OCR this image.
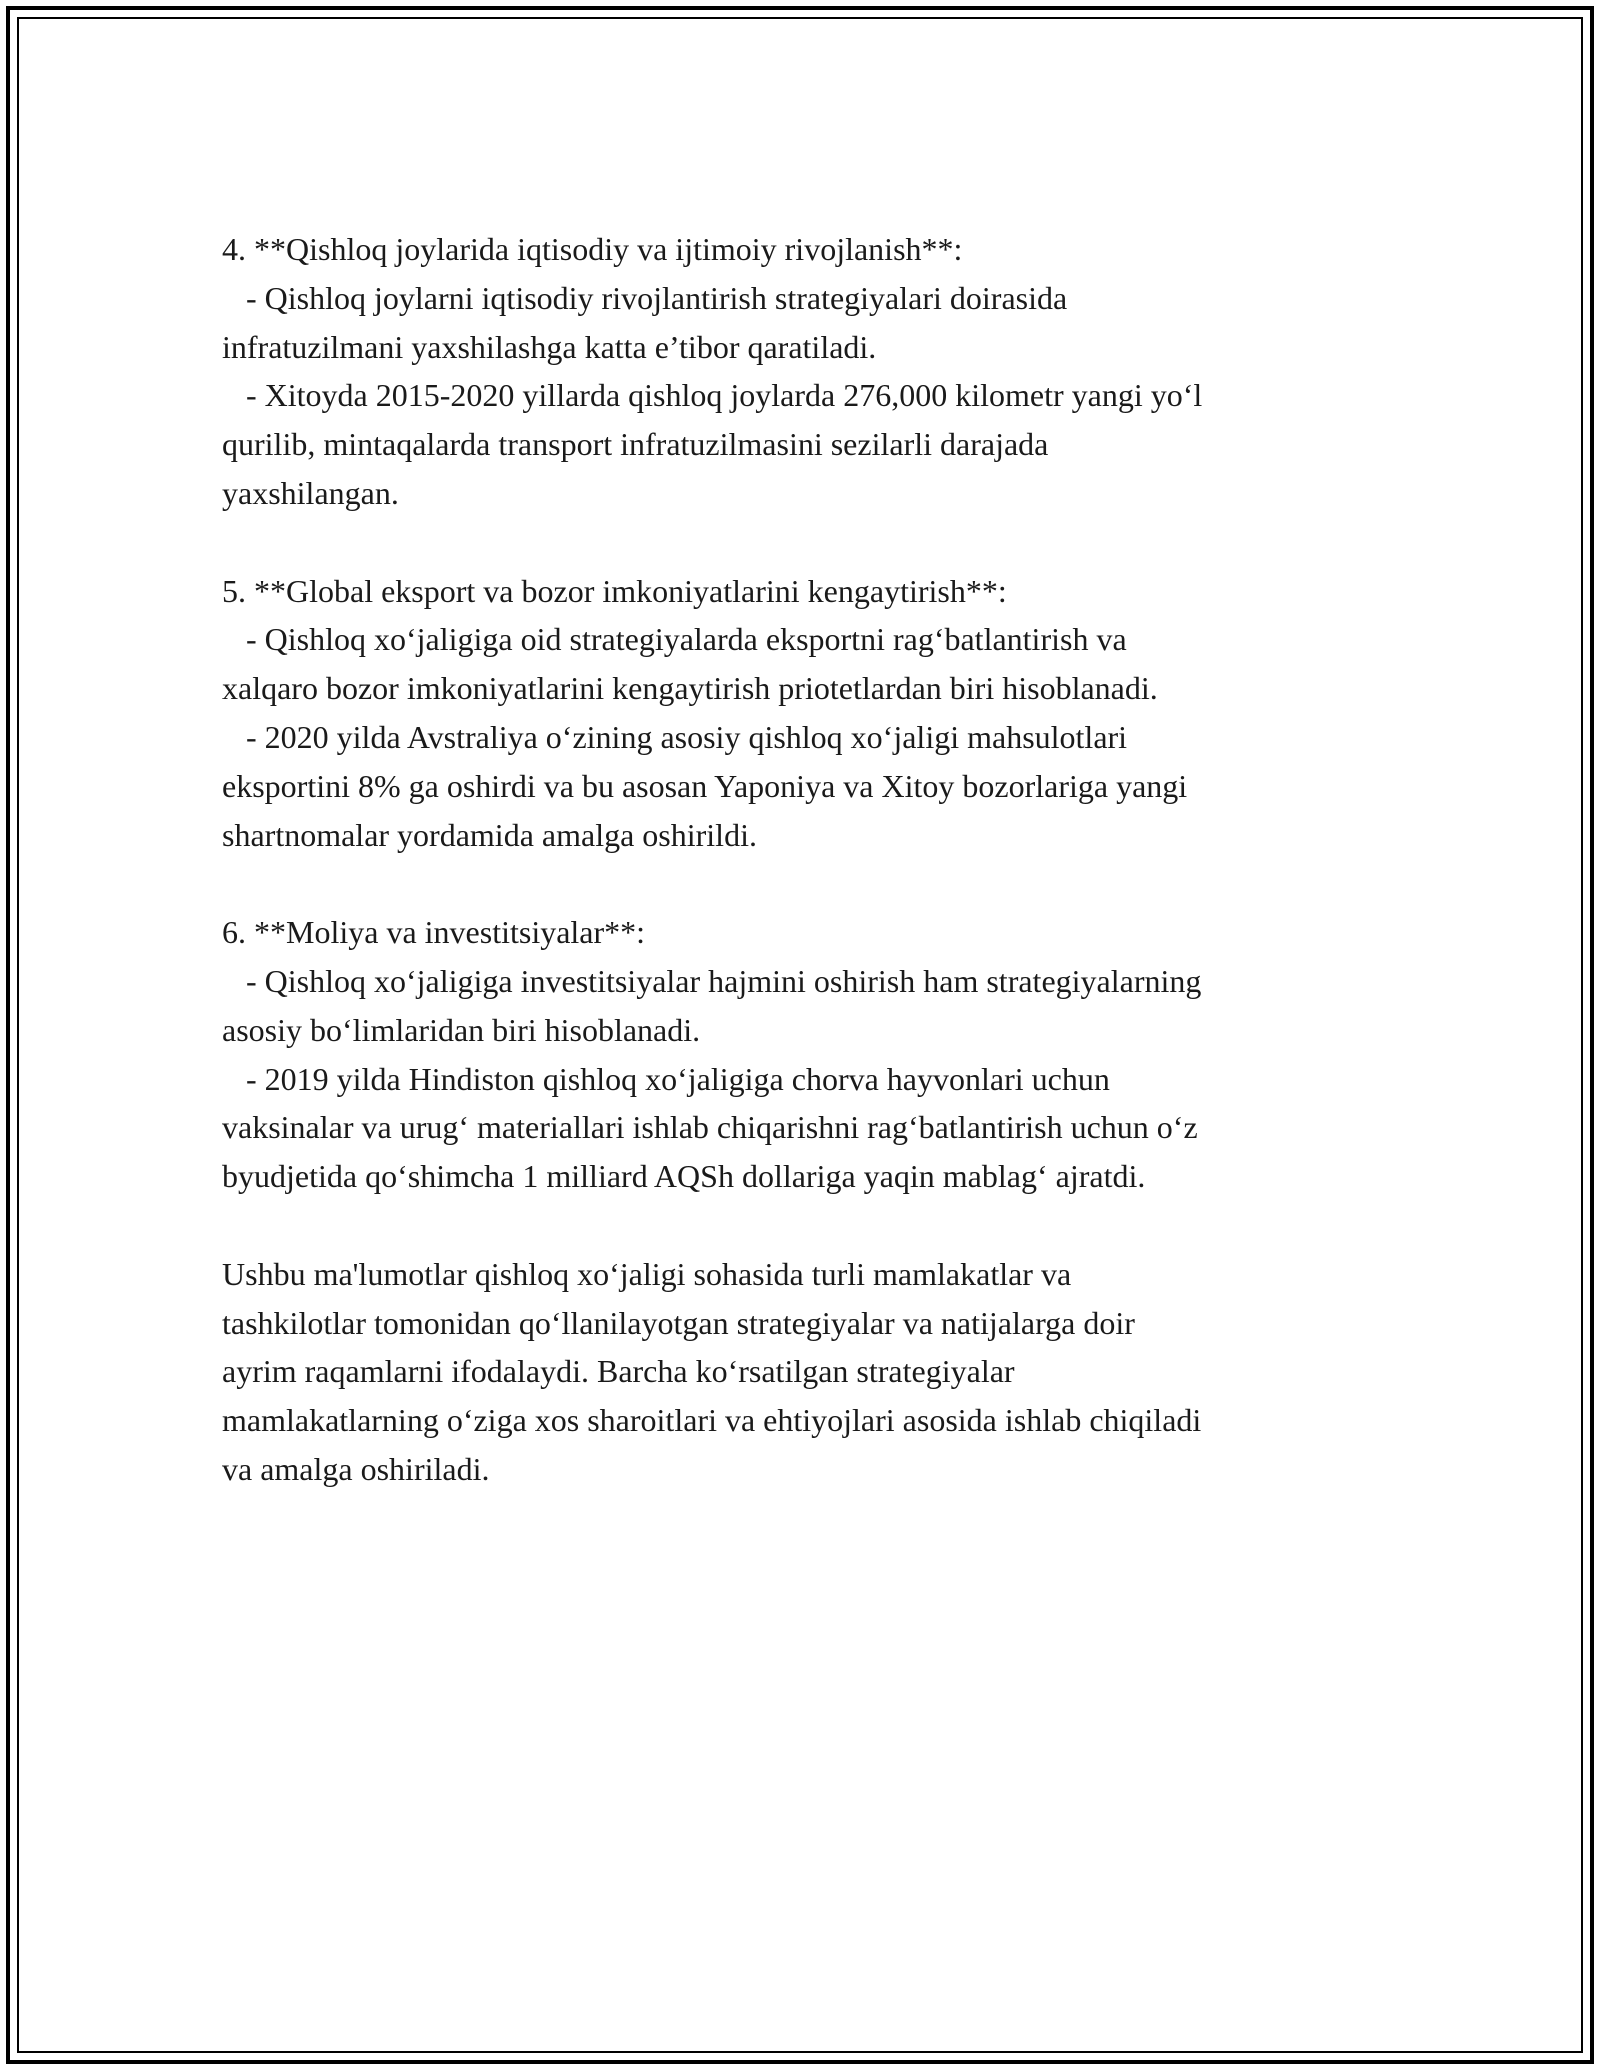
4. **Qishloq joylarida iqtisodiy va ijtimoiy rivojlanish**:
- Qishloq joylarni iqtisodiy rivojlantirish strategiyalari doirasida
infratuzilmani yaxshilashga katta e’tibor qaratiladi.
- Xitoyda 2015-2020 yillarda qishloq joylarda 276,000 kilometr yangi yo‘l
qurilib, mintaqalarda transport infratuzilmasini sezilarli darajada
yaxshilangan.
5. **Global eksport va bozor imkoniyatlarini kengaytirish**:
- Qishloq xo‘jaligiga oid strategiyalarda eksportni rag‘batlantirish va
xalqaro bozor imkoniyatlarini kengaytirish priotetlardan biri hisoblanadi.
- 2020 yilda Avstraliya o‘zining asosiy qishloq xo‘jaligi mahsulotlari
eksportini 8% ga oshirdi va bu asosan Yaponiya va Xitoy bozorlariga yangi
shartnomalar yordamida amalga oshirildi.
6. **Moliya va investitsiyalar**:
- Qishloq xo‘jaligiga investitsiyalar hajmini oshirish ham strategiyalarning
asosiy bo‘limlaridan biri hisoblanadi.
- 2019 yilda Hindiston qishloq xo‘jaligiga chorva hayvonlari uchun
vaksinalar va urug‘ materiallari ishlab chiqarishni rag‘batlantirish uchun o‘z
byudjetida qo‘shimcha 1 milliard AQSh dollariga yaqin mablag‘ ajratdi.
Ushbu ma'lumotlar qishloq xo‘jaligi sohasida turli mamlakatlar va
tashkilotlar tomonidan qo‘llanilayotgan strategiyalar va natijalarga doir
ayrim raqamlarni ifodalaydi. Barcha ko‘rsatilgan strategiyalar
mamlakatlarning o‘ziga xos sharoitlari va ehtiyojlari asosida ishlab chiqiladi
va amalga oshiriladi.
